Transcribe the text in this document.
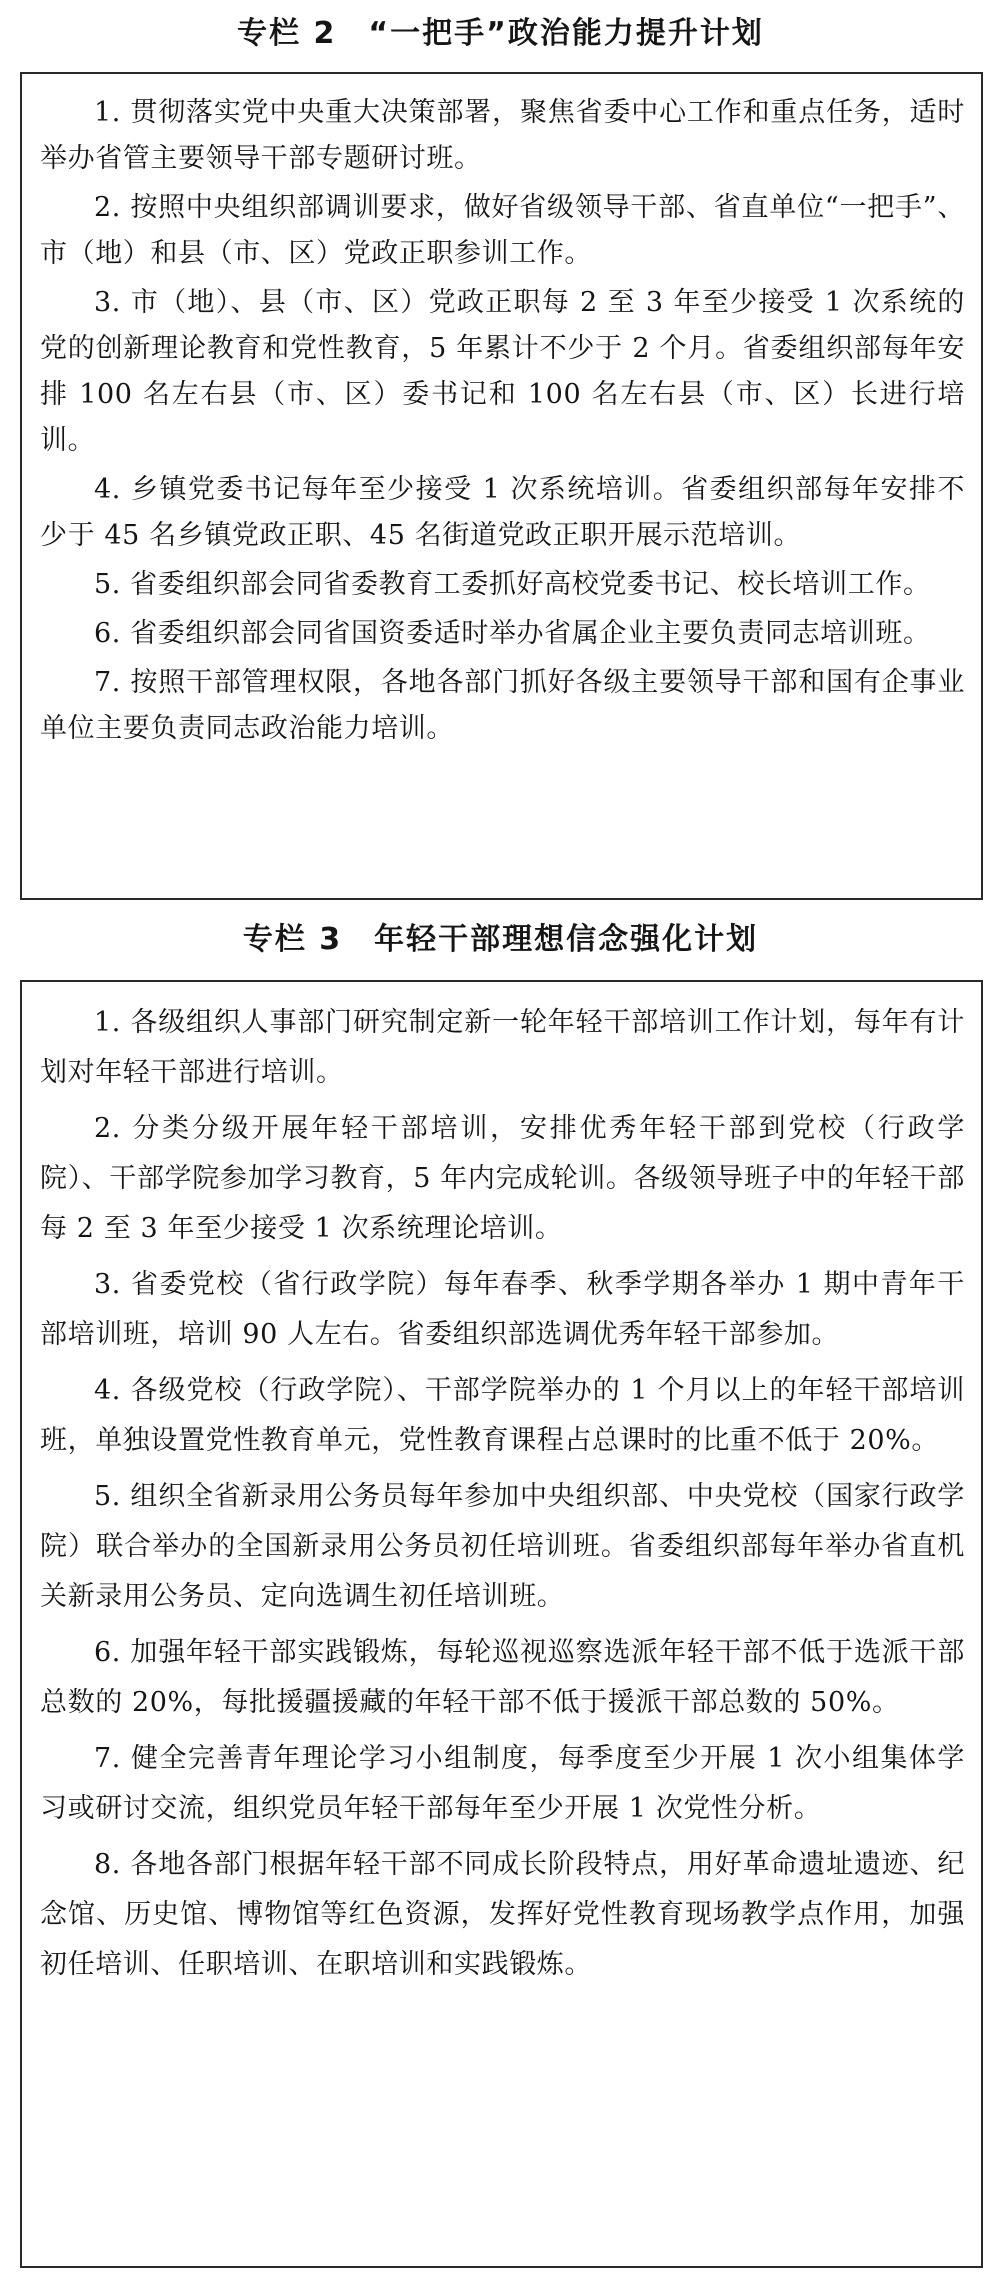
专栏 2　“一把手”政治能力提升计划

1. 贯彻落实党中央重大决策部署，聚焦省委中心工作和重点任务，适时举办省管主要领导干部专题研讨班。

2. 按照中央组织部调训要求，做好省级领导干部、省直单位“一把手”、市（地）和县（市、区）党政正职参训工作。

3. 市（地）、县（市、区）党政正职每 2 至 3 年至少接受 1 次系统的党的创新理论教育和党性教育，5 年累计不少于 2 个月。省委组织部每年安排 100 名左右县（市、区）委书记和 100 名左右县（市、区）长进行培训。

4. 乡镇党委书记每年至少接受 1 次系统培训。省委组织部每年安排不少于 45 名乡镇党政正职、45 名街道党政正职开展示范培训。

5. 省委组织部会同省委教育工委抓好高校党委书记、校长培训工作。

6. 省委组织部会同省国资委适时举办省属企业主要负责同志培训班。

7. 按照干部管理权限，各地各部门抓好各级主要领导干部和国有企事业单位主要负责同志政治能力培训。

专栏 3　年轻干部理想信念强化计划

1. 各级组织人事部门研究制定新一轮年轻干部培训工作计划，每年有计划对年轻干部进行培训。

2. 分类分级开展年轻干部培训，安排优秀年轻干部到党校（行政学院）、干部学院参加学习教育，5 年内完成轮训。各级领导班子中的年轻干部每 2 至 3 年至少接受 1 次系统理论培训。

3. 省委党校（省行政学院）每年春季、秋季学期各举办 1 期中青年干部培训班，培训 90 人左右。省委组织部选调优秀年轻干部参加。

4. 各级党校（行政学院）、干部学院举办的 1 个月以上的年轻干部培训班，单独设置党性教育单元，党性教育课程占总课时的比重不低于 20%。

5. 组织全省新录用公务员每年参加中央组织部、中央党校（国家行政学院）联合举办的全国新录用公务员初任培训班。省委组织部每年举办省直机关新录用公务员、定向选调生初任培训班。

6. 加强年轻干部实践锻炼，每轮巡视巡察选派年轻干部不低于选派干部总数的 20%，每批援疆援藏的年轻干部不低于援派干部总数的 50%。

7. 健全完善青年理论学习小组制度，每季度至少开展 1 次小组集体学习或研讨交流，组织党员年轻干部每年至少开展 1 次党性分析。

8. 各地各部门根据年轻干部不同成长阶段特点，用好革命遗址遗迹、纪念馆、历史馆、博物馆等红色资源，发挥好党性教育现场教学点作用，加强初任培训、任职培训、在职培训和实践锻炼。
